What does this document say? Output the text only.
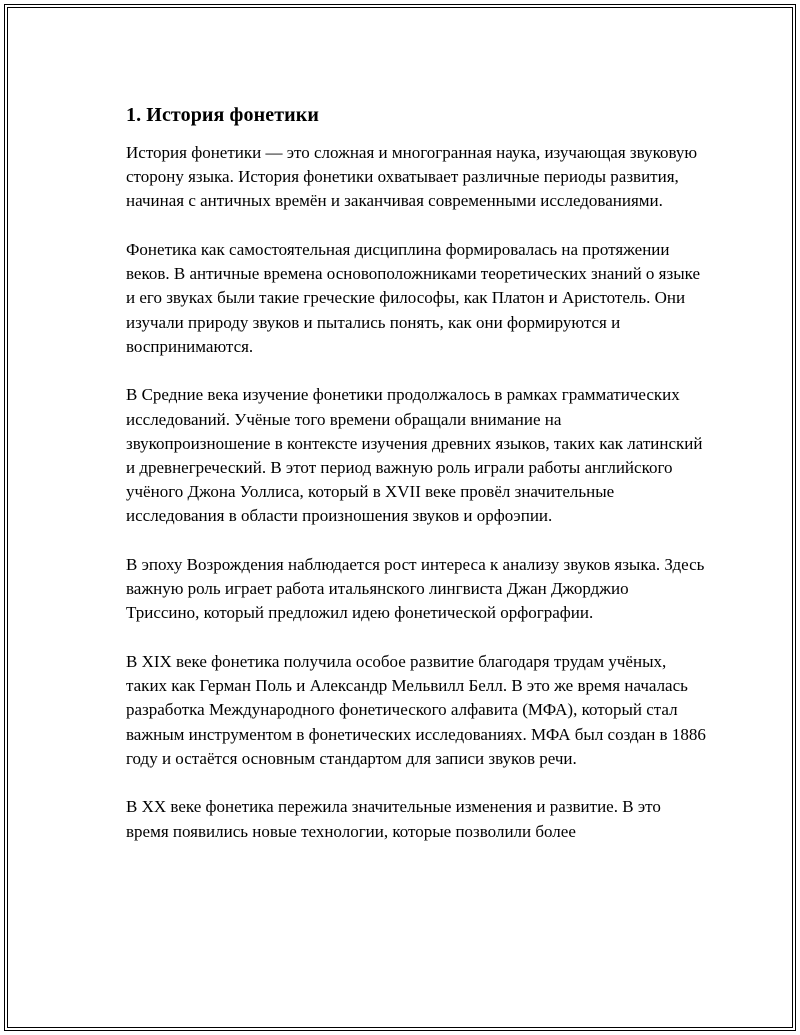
1. История фонетики

История фонетики — это сложная и многогранная наука, изучающая звуковую сторону языка. История фонетики охватывает различные периоды развития, начиная с античных времён и заканчивая современными исследованиями.

Фонетика как самостоятельная дисциплина формировалась на протяжении веков. В античные времена основоположниками теоретических знаний о языке и его звуках были такие греческие философы, как Платон и Аристотель. Они изучали природу звуков и пытались понять, как они формируются и воспринимаются.

В Средние века изучение фонетики продолжалось в рамках грамматических исследований. Учёные того времени обращали внимание на звукопроизношение в контексте изучения древних языков, таких как латинский и древнегреческий. В этот период важную роль играли работы английского учёного Джона Уоллиса, который в XVII веке провёл значительные исследования в области произношения звуков и орфоэпии.

В эпоху Возрождения наблюдается рост интереса к анализу звуков языка. Здесь важную роль играет работа итальянского лингвиста Джан Джорджио Триссино, который предложил идею фонетической орфографии.

В XIX веке фонетика получила особое развитие благодаря трудам учёных, таких как Герман Поль и Александр Мельвилл Белл. В это же время началась разработка Международного фонетического алфавита (МФА), который стал важным инструментом в фонетических исследованиях. МФА был создан в 1886 году и остаётся основным стандартом для записи звуков речи.

В XX веке фонетика пережила значительные изменения и развитие. В это время появились новые технологии, которые позволили более
